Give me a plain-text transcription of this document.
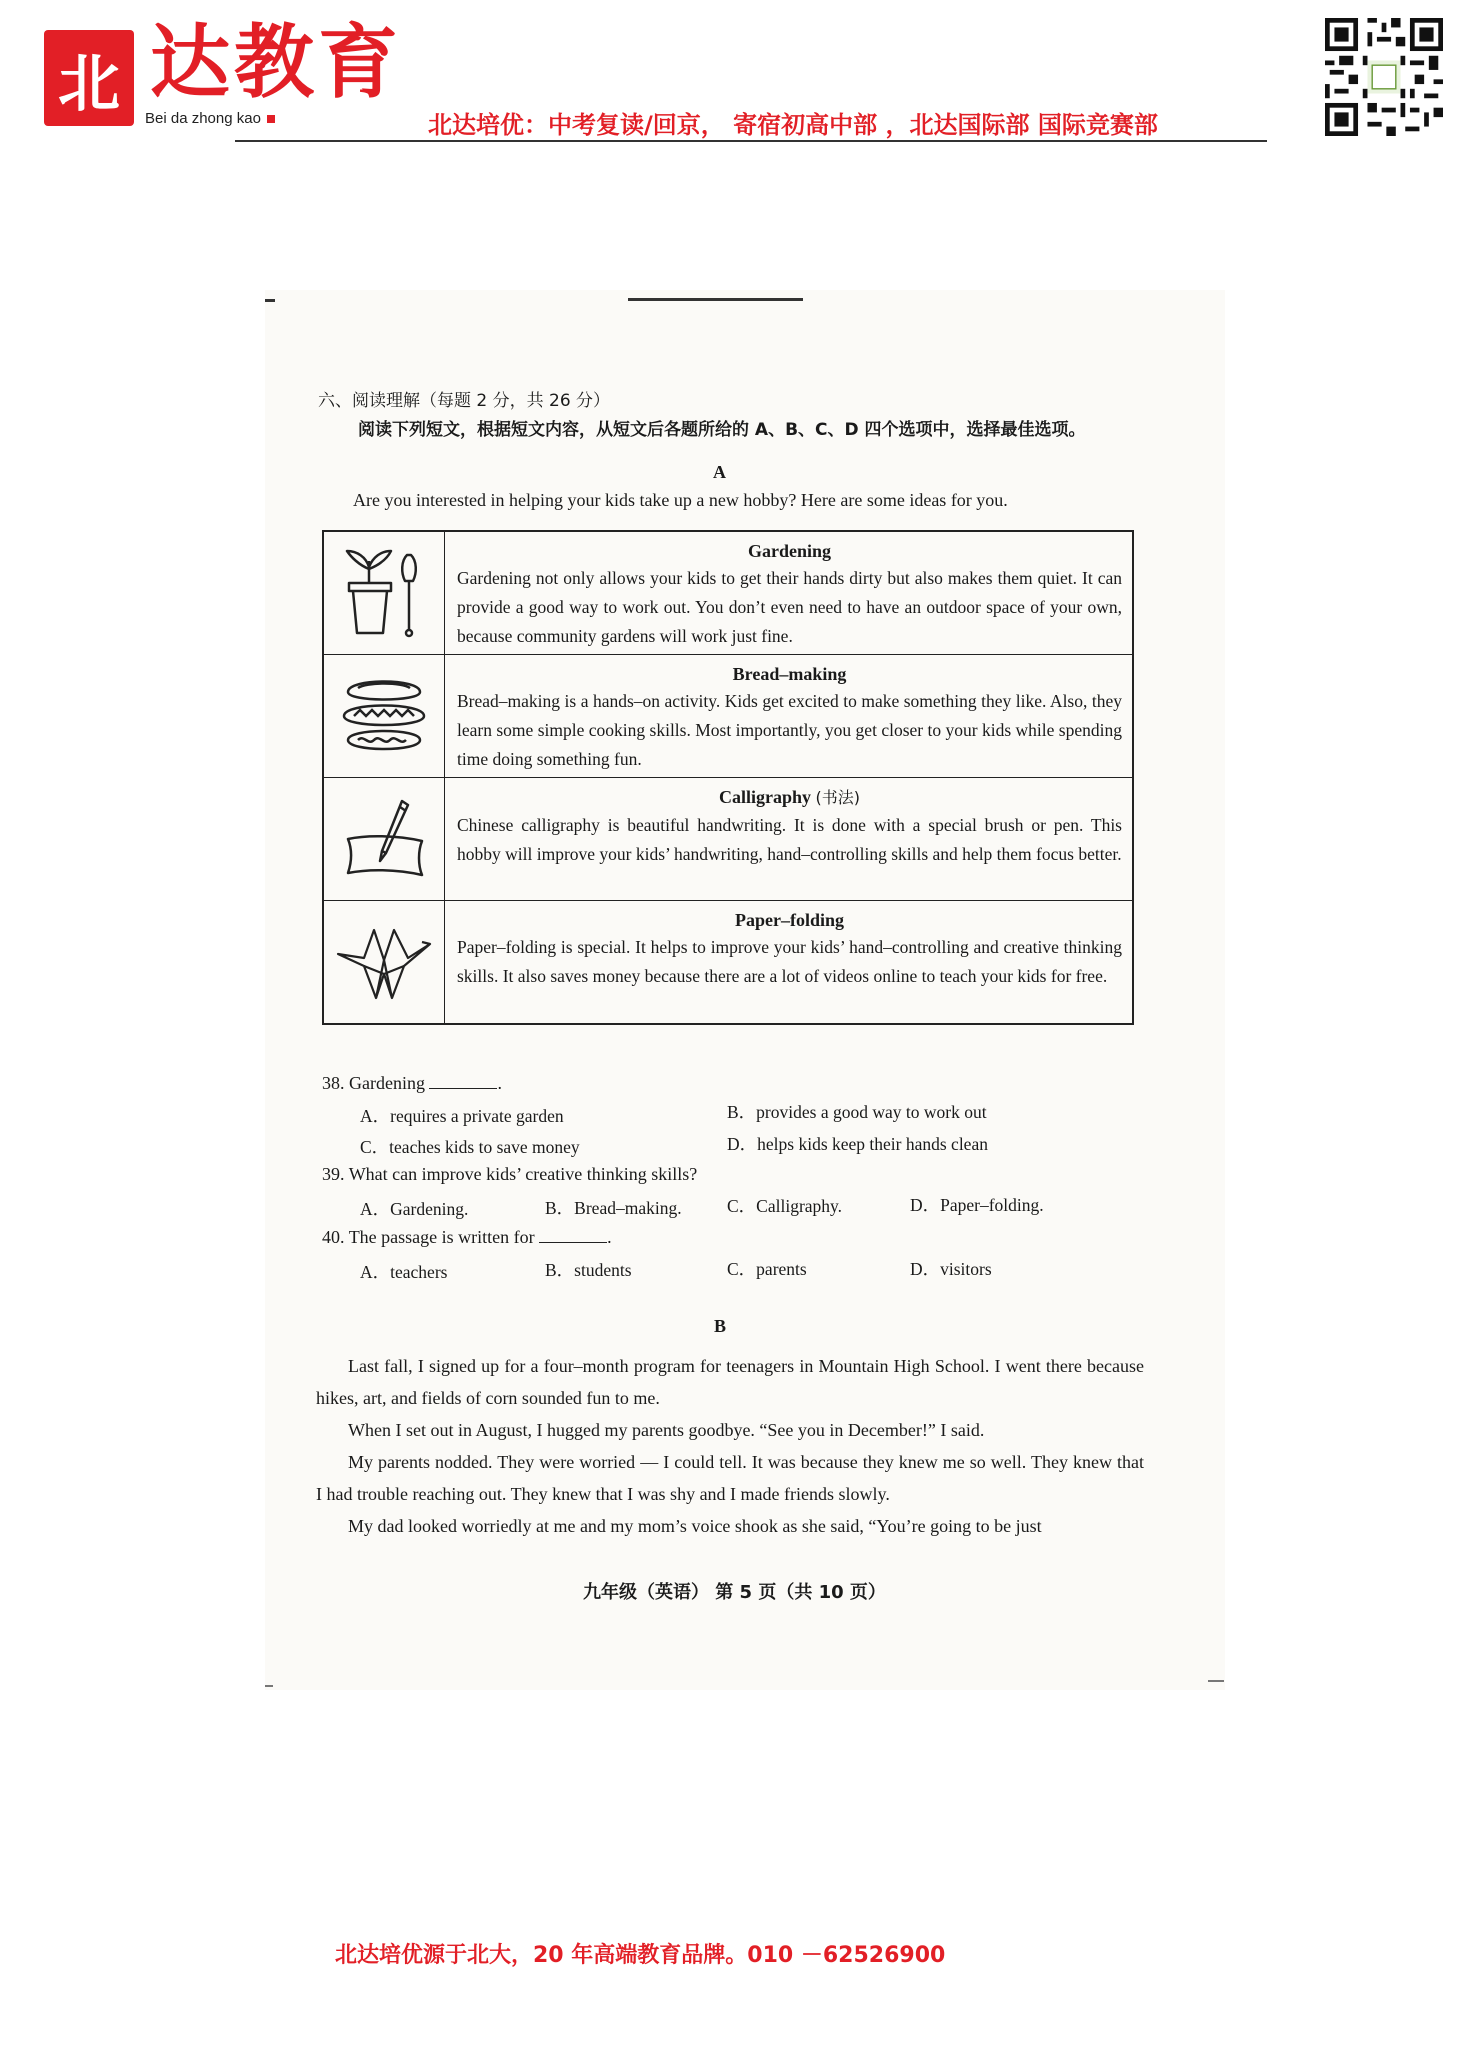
北 达教育
Bei da zhong kao	北达培优：中考复读/回京， 寄宿初高中部 ，北达国际部 国际竞赛部
六、阅读理解（每题 2 分，共 26 分）
阅读下列短文，根据短文内容，从短文后各题所给的 A、B、C、D 四个选项中，选择最佳选项。
A
Are you interested in helping your kids take up a new hobby? Here are some ideas for you.
Gardening
Gardening not only allows your kids to get their hands dirty but also makes them quiet. It can provide a good way to work out. You don’t even need to have an outdoor space of your own, because community gardens will work just fine.
Bread–making
Bread–making is a hands–on activity. Kids get excited to make something they like. Also, they learn some simple cooking skills. Most importantly, you get closer to your kids while spending time doing something fun.
Calligraphy (书法)
Chinese calligraphy is beautiful handwriting. It is done with a special brush or pen. This hobby will improve your kids’ handwriting, hand–controlling skills and help them focus better.
Paper–folding
Paper–folding is special. It helps to improve your kids’ hand–controlling and creative thinking skills. It also saves money because there are a lot of videos online to teach your kids for free.
38. Gardening	.
A．requires a private garden	B．provides a good way to work out
C．teaches kids to save money	D．helps kids keep their hands clean
39. What can improve kids’ creative thinking skills?
A．Gardening.	B．Bread–making.	C．Calligraphy.	D．Paper–folding.
40. The passage is written for	.
A．teachers	B．students	C．parents	D．visitors
B

Last fall, I signed up for a four–month program for teenagers in Mountain High School. I went there because hikes, art, and fields of corn sounded fun to me.

When I set out in August, I hugged my parents goodbye. “See you in December!” I said.

My parents nodded. They were worried — I could tell. It was because they knew me so well. They knew that I had trouble reaching out. They knew that I was shy and I made friends slowly.

My dad looked worriedly at me and my mom’s voice shook as she said, “You’re going to be just

九年级（英语） 第 5 页（共 10 页）
北达培优源于北大，20 年高端教育品牌。010 －62526900
